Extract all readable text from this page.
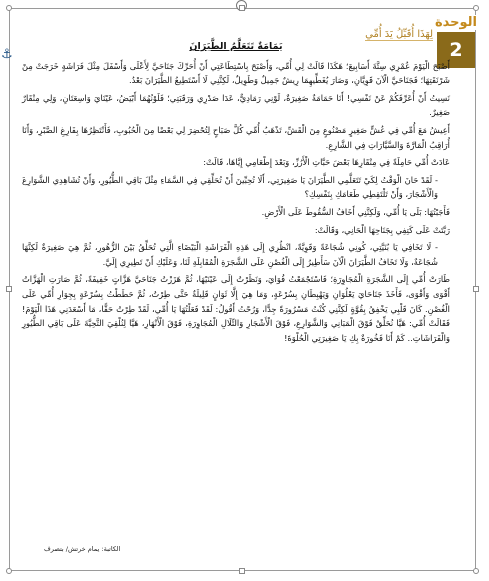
⚓
الوحدة
لِهَذَا أُقَبِّلُ يَدَ أُمِّي
2
يَمَامَةٌ تَتَعَلَّمُ الطَّيَرَانَ

أَصْبَحَ الْيَوْمَ عُمْرِي سِتَّةَ أَسَابِيعَ؛ هَكَذَا قَالَتْ لِي أُمِّي، وَأَصْبَحَ بِاسْتِطَاعَتِي أَنْ أُحَرِّكَ جَنَاحَيَّ لِأَعْلَى وَأَسْفَلَ مِثْلَ فَرَاشَةٍ خَرَجَتْ مِنْ شَرْنَقَتِهَا؛ فَجَنَاحَيَّ الْآنَ قَوِيَّانِ، وَصَارَ يُغَطِّيهِمَا رِيشٌ جَمِيلٌ وَطَوِيلٌ، لَكِنَّنِي لَا أَسْتَطِيعُ الطَّيَرَانَ بَعْدُ.

نَسِيتُ أَنْ أُعَرِّفَكُمْ عَنْ نَفْسِي! أَنَا حَمَامَةٌ صَغِيرَةٌ، لَوْنِي رَمَادِيٌّ، عَدَا صَدْرِي وَرَقَبَتِي؛ فَلَوْنُهُمَا أَبْيَضُ، عَيْنَايَ وَاسِعَتَانِ، وَلِي مِنْقَارٌ صَغِيرٌ.

أَعِيشُ مَعَ أُمِّي فِي عُشٍّ صَغِيرٍ مَصْنُوعٍ مِنَ الْقَشِّ، تَذْهَبُ أُمِّي كُلَّ صَبَاحٍ لِتُحْضِرَ لِي بَعْضًا مِنَ الْحُبُوبِ، فَأَنْتَظِرُهَا بِفَارِغِ الصَّبْرِ، وَأَنَا أُرَاقِبُ الْمَارَّةَ وَالسَّيَّارَاتِ فِي الشَّارِعِ.

عَادَتْ أُمِّي حَامِلَةً فِي مِنْقَارِهَا بَعْضَ حَبَّاتِ الْأَرُزِّ، وَبَعْدَ إِطْعَامِي إِيَّاهَا، قَالَتْ:

- لَقَدْ حَانَ الْوَقْتُ لِكَيْ تَتَعَلَّمِي الطَّيَرَانَ يَا صَغِيرَتِي، أَلَا تُحِبِّينَ أَنْ تُحَلِّقِي فِي السَّمَاءِ مِثْلَ بَاقِي الطُّيُورِ، وَأَنْ تُشَاهِدِي الشَّوَارِعَ وَالْأَشْجَارَ، وَأَنْ تَلْتَقِطِي طَعَامَكِ بِنَفْسِكِ؟

فَأَجَبْتُهَا: بَلَى يَا أُمِّي، وَلَكِنَّنِي أَخَافُ السُّقُوطَ عَلَى الْأَرْضِ.

رَبَّتَتْ عَلَى كَتِفِي بِجَنَاحِهَا الْحَانِي، وَقَالَتْ:

- لَا تَخَافِي يَا بُنَيَّتِي، كُونِي شُجَاعَةً وَقَوِيَّةً، انْظُرِي إِلَى هَذِهِ الْفَرَاشَةِ الْبَيْضَاءِ الَّتِي تُحَلِّقُ بَيْنَ الزُّهُورِ، ثُمَّ هِيَ صَغِيرَةٌ لَكِنَّهَا شُجَاعَةٌ، وَلَا تَخَافُ الطَّيَرَانَ الْآنَ سَأَطِيرُ إِلَى الْغُصْنِ عَلَى الشَّجَرَةِ الْمُقَابِلَةِ لَنَا، وَعَلَيْكِ أَنْ تَطِيرِي إِلَيَّ.

طَارَتْ أُمِّي إِلَى الشَّجَرَةِ الْمُجَاوِرَةِ؛ فَاسْتَجْمَعْتُ قُوَايَ، وَنَظَرْتُ إِلَى عَيْنَيْهَا، ثُمَّ هَزَزْتُ جَنَاحَيَّ هَزَّاتٍ خَفِيفَةً، ثُمَّ صَارَتِ الْهَزَّاتُ أَقْوَى وَأَقْوَى، فَأَخَذَ جَنَاحَايَ يَعْلُوَانِ وَيَهْبِطَانِ بِسُرْعَةٍ، وَمَا هِيَ إِلَّا ثَوَانٍ قَلِيلَةٌ حَتَّى طِرْتُ، ثُمَّ حَطَطْتُ بِسُرْعَةٍ بِجِوَارِ أُمِّي عَلَى الْغُصْنِ. كَانَ قَلْبِي يَخْفِقُ بِقُوَّةٍ لَكِنَّنِي كُنْتُ مَسْرُورَةً جِدًّا، وَرُحْتُ أَقُولُ: لَقَدْ فَعَلْتُهَا يَا أُمِّي، لَقَدْ طِرْتُ حَقًّا، مَا أَسْعَدَنِي هَذَا الْيَوْمَ! فَقَالَتْ أُمِّي: هَيَّا نُحَلِّقْ فَوْقَ الْمَبَانِي وَالشَّوَارِعِ، فَوْقَ الْأَشْجَارِ وَالتِّلَالِ الْمُجَاوِرَةِ، فَوْقَ الْأَنْهَارِ، هَيَّا لِنُلْقِيَ التَّحِيَّةَ عَلَى بَاقِي الطُّيُورِ وَالْفَرَاشَاتِ.. كَمْ أَنَا فَخُورَةٌ بِكِ يَا صَغِيرَتِي الْحُلْوَةَ!

الكاتبة: يمام خرتش/ بتصرف
